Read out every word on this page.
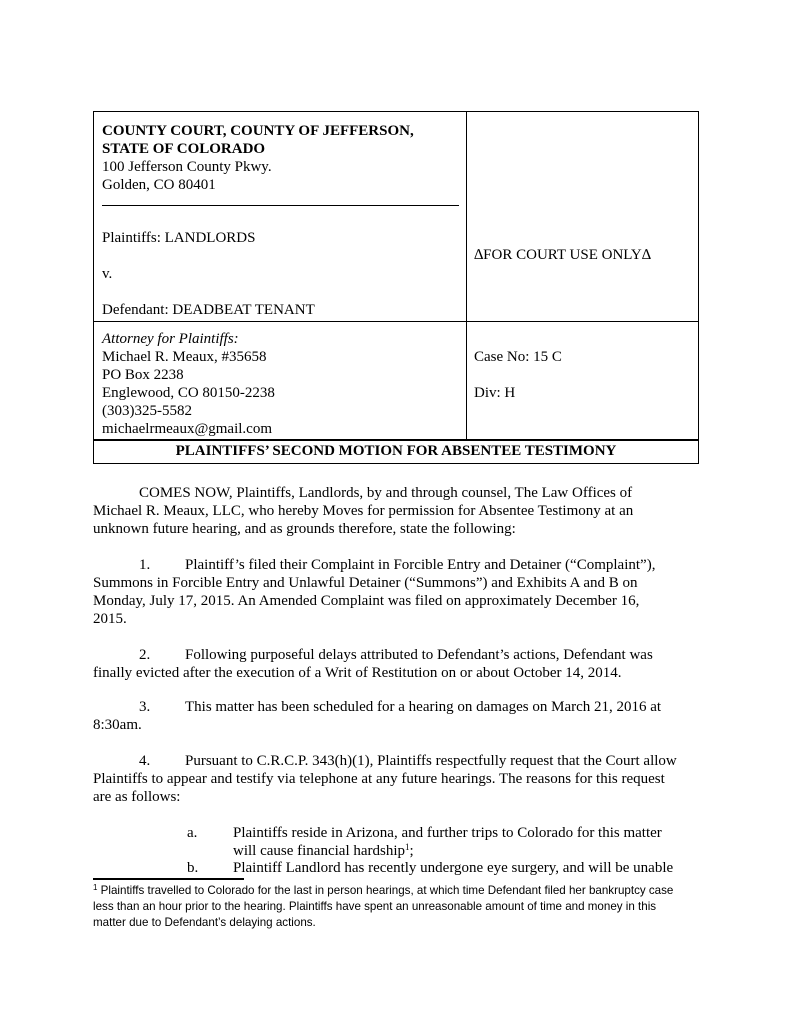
COUNTY COURT, COUNTY OF JEFFERSON,
STATE OF COLORADO
100 Jefferson County Pkwy.
Golden, CO 80401
Plaintiffs: LANDLORDS
v.
Defendant: DEADBEAT TENANT
∆FOR COURT USE ONLY∆
Attorney for Plaintiffs:
Michael R. Meaux, #35658
PO Box 2238
Englewood, CO 80150-2238
(303)325-5582
michaelrmeaux@gmail.com
Case No: 15 C
Div: H
PLAINTIFFS’ SECOND MOTION FOR ABSENTEE TESTIMONY
COMES NOW, Plaintiffs, Landlords, by and through counsel, The Law Offices of
Michael R. Meaux, LLC, who hereby Moves for permission for Absentee Testimony at an
unknown future hearing, and as grounds therefore, state the following:
1. Plaintiff’s filed their Complaint in Forcible Entry and Detainer (“Complaint”),
Summons in Forcible Entry and Unlawful Detainer (“Summons”) and Exhibits A and B on
Monday, July 17, 2015. An Amended Complaint was filed on approximately December 16,
2015.
2. Following purposeful delays attributed to Defendant’s actions, Defendant was
finally evicted after the execution of a Writ of Restitution on or about October 14, 2014.
3. This matter has been scheduled for a hearing on damages on March 21, 2016 at
8:30am.
4. Pursuant to C.R.C.P. 343(h)(1), Plaintiffs respectfully request that the Court allow
Plaintiffs to appear and testify via telephone at any future hearings. The reasons for this request
are as follows:
a. Plaintiffs reside in Arizona, and further trips to Colorado for this matter
will cause financial hardship$^1$;
b. Plaintiff Landlord has recently undergone eye surgery, and will be unable
$^1$ Plaintiffs travelled to Colorado for the last in person hearings, at which time Defendant filed her bankruptcy case
less than an hour prior to the hearing. Plaintiffs have spent an unreasonable amount of time and money in this
matter due to Defendant’s delaying actions.
